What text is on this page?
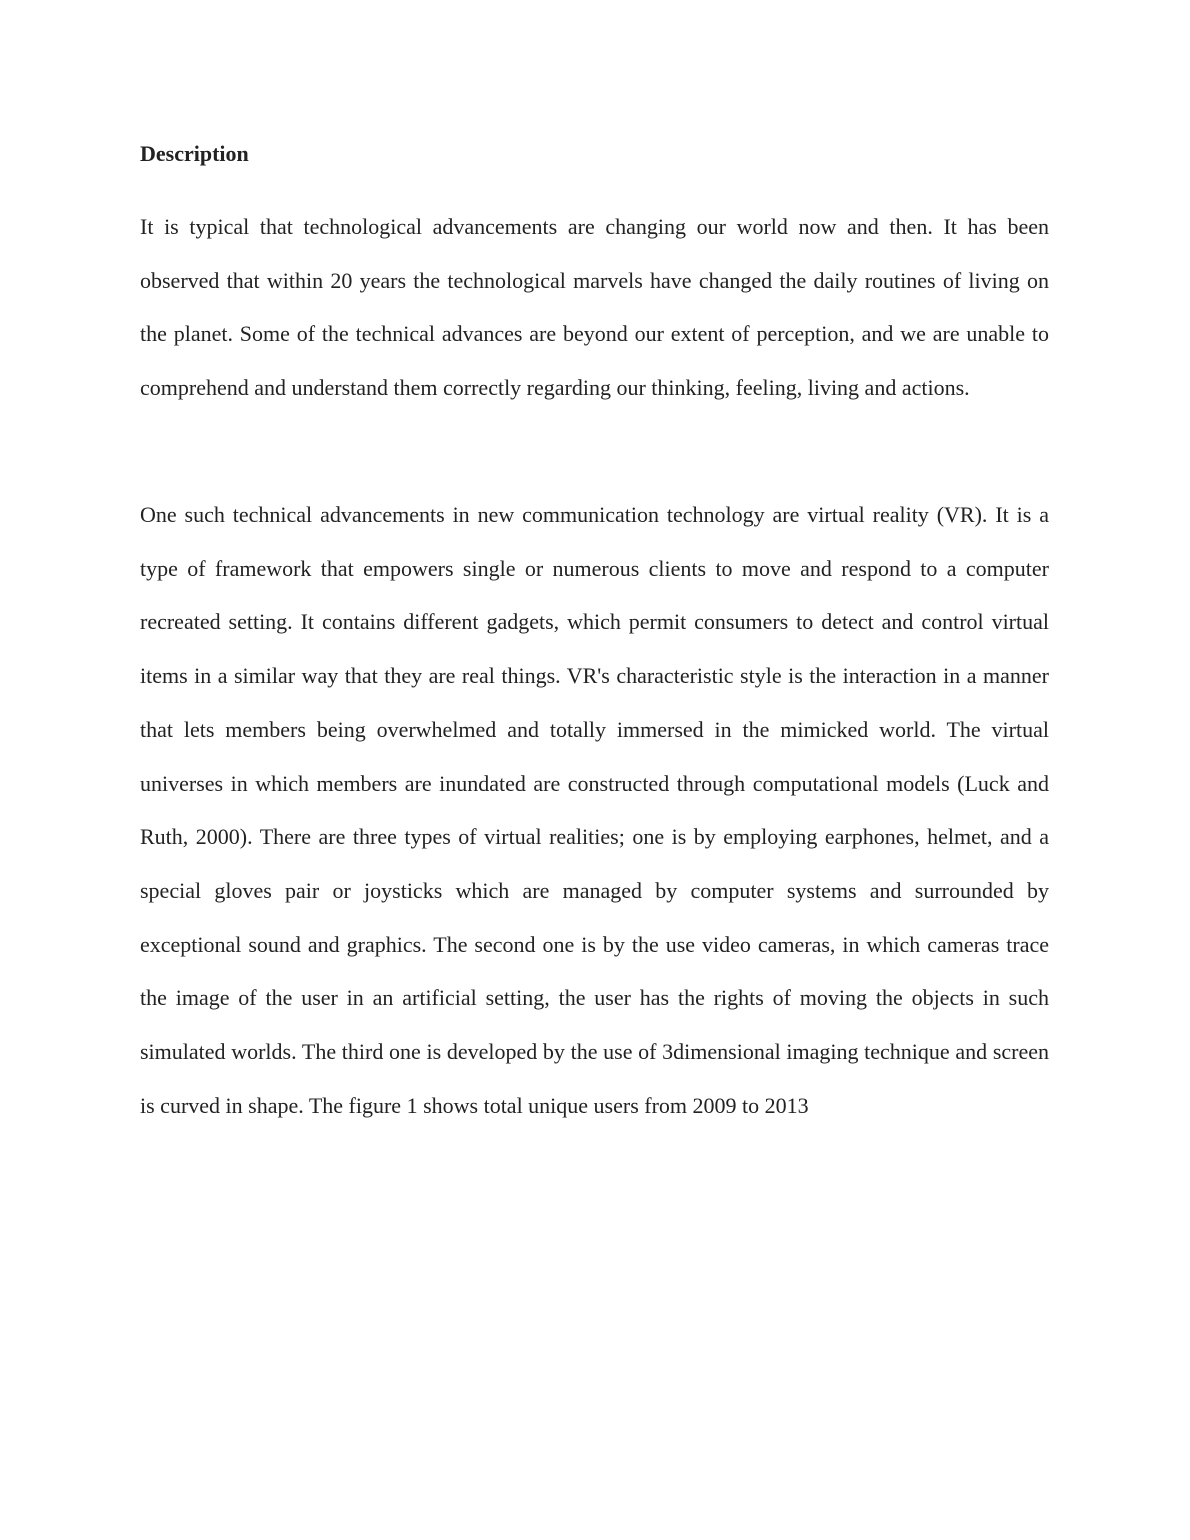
Description

It is typical that technological advancements are changing our world now and then. It has been observed that within 20 years the technological marvels have changed the daily routines of living on the planet. Some of the technical advances are beyond our extent of perception, and we are unable to comprehend and understand them correctly regarding our thinking, feeling, living and actions.

One such technical advancements in new communication technology are virtual reality (VR). It is a type of framework that empowers single or numerous clients to move and respond to a computer recreated setting. It contains different gadgets, which permit consumers to detect and control virtual items in a similar way that they are real things. VR's characteristic style is the interaction in a manner that lets members being overwhelmed and totally immersed in the mimicked world. The virtual universes in which members are inundated are constructed through computational models (Luck and Ruth, 2000). There are three types of virtual realities; one is by employing earphones, helmet, and a special gloves pair or joysticks which are managed by computer systems and surrounded by exceptional sound and graphics. The second one is by the use video cameras, in which cameras trace the image of the user in an artificial setting, the user has the rights of moving the objects in such simulated worlds. The third one is developed by the use of 3dimensional imaging technique and screen is curved in shape. The figure 1 shows total unique users from 2009 to 2013
